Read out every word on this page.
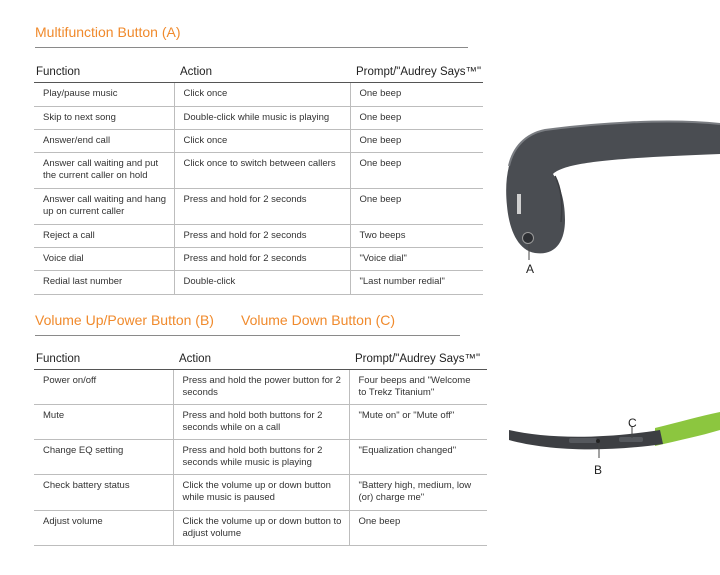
Multifunction Button (A)
Function	Action	Prompt/"Audrey Says™"
Play/pause music	Click once	One beep
Skip to next song	Double-click while music is playing	One beep
Answer/end call	Click once	One beep
Answer call waiting and put the current caller on hold	Click once to switch between callers	One beep
Answer call waiting and hang up on current caller	Press and hold for 2 seconds	One beep
Reject a call	Press and hold for 2 seconds	Two beeps
Voice dial	Press and hold for 2 seconds	"Voice dial"
Redial last number	Double-click	"Last number redial"
Volume Up/Power Button (B) Volume Down Button (C)
Function	Action	Prompt/"Audrey Says™"
Power on/off	Press and hold the power button for 2 seconds	Four beeps and "Welcome to Trekz Titanium"
Mute	Press and hold both buttons for 2 seconds while on a call	"Mute on" or "Mute off"
Change EQ setting	Press and hold both buttons for 2 seconds while music is playing	"Equalization changed"
Check battery status	Click the volume up or down button while music is paused	"Battery high, medium, low (or) charge me"
Adjust volume	Click the volume up or down button to adjust volume	One beep
A
C
B
